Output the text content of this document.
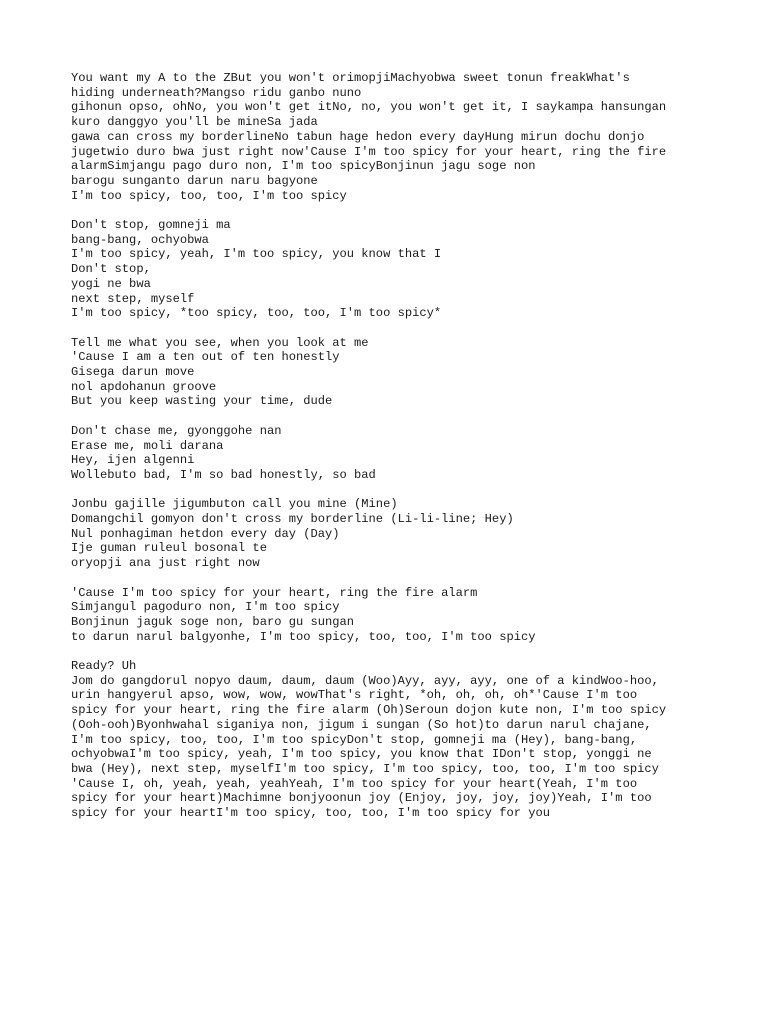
You want my A to the ZBut you won't orimopjiMachyobwa sweet tonun freakWhat's
hiding underneath?Mangso ridu ganbo nuno
gihonun opso, ohNo, you won't get itNo, no, you won't get it, I saykampa hansungan
kuro danggyo you'll be mineSa jada
gawa can cross my borderlineNo tabun hage hedon every dayHung mirun dochu donjo
jugetwio duro bwa just right now'Cause I'm too spicy for your heart, ring the fire
alarmSimjangu pago duro non, I'm too spicyBonjinun jagu soge non
barogu sunganto darun naru bagyone
I'm too spicy, too, too, I'm too spicy

Don't stop, gomneji ma
bang-bang, ochyobwa
I'm too spicy, yeah, I'm too spicy, you know that I
Don't stop,
yogi ne bwa
next step, myself
I'm too spicy, *too spicy, too, too, I'm too spicy*

Tell me what you see, when you look at me
'Cause I am a ten out of ten honestly
Gisega darun move
nol apdohanun groove
But you keep wasting your time, dude

Don't chase me, gyonggohe nan
Erase me, moli darana
Hey, ijen algenni
Wollebuto bad, I'm so bad honestly, so bad

Jonbu gajille jigumbuton call you mine (Mine)
Domangchil gomyon don't cross my borderline (Li-li-line; Hey)
Nul ponhagiman hetdon every day (Day)
Ije guman ruleul bosonal te
oryopji ana just right now

'Cause I'm too spicy for your heart, ring the fire alarm
Simjangul pagoduro non, I'm too spicy
Bonjinun jaguk soge non, baro gu sungan
to darun narul balgyonhe, I'm too spicy, too, too, I'm too spicy

Ready? Uh
Jom do gangdorul nopyo daum, daum, daum (Woo)Ayy, ayy, ayy, one of a kindWoo-hoo,
urin hangyerul apso, wow, wow, wowThat's right, *oh, oh, oh, oh*'Cause I'm too
spicy for your heart, ring the fire alarm (Oh)Seroun dojon kute non, I'm too spicy
(Ooh-ooh)Byonhwahal siganiya non, jigum i sungan (So hot)to darun narul chajane,
I'm too spicy, too, too, I'm too spicyDon't stop, gomneji ma (Hey), bang-bang,
ochyobwaI'm too spicy, yeah, I'm too spicy, you know that IDon't stop, yonggi ne
bwa (Hey), next step, myselfI'm too spicy, I'm too spicy, too, too, I'm too spicy
'Cause I, oh, yeah, yeah, yeahYeah, I'm too spicy for your heart(Yeah, I'm too
spicy for your heart)Machimne bonjyoonun joy (Enjoy, joy, joy, joy)Yeah, I'm too
spicy for your heartI'm too spicy, too, too, I'm too spicy for you
